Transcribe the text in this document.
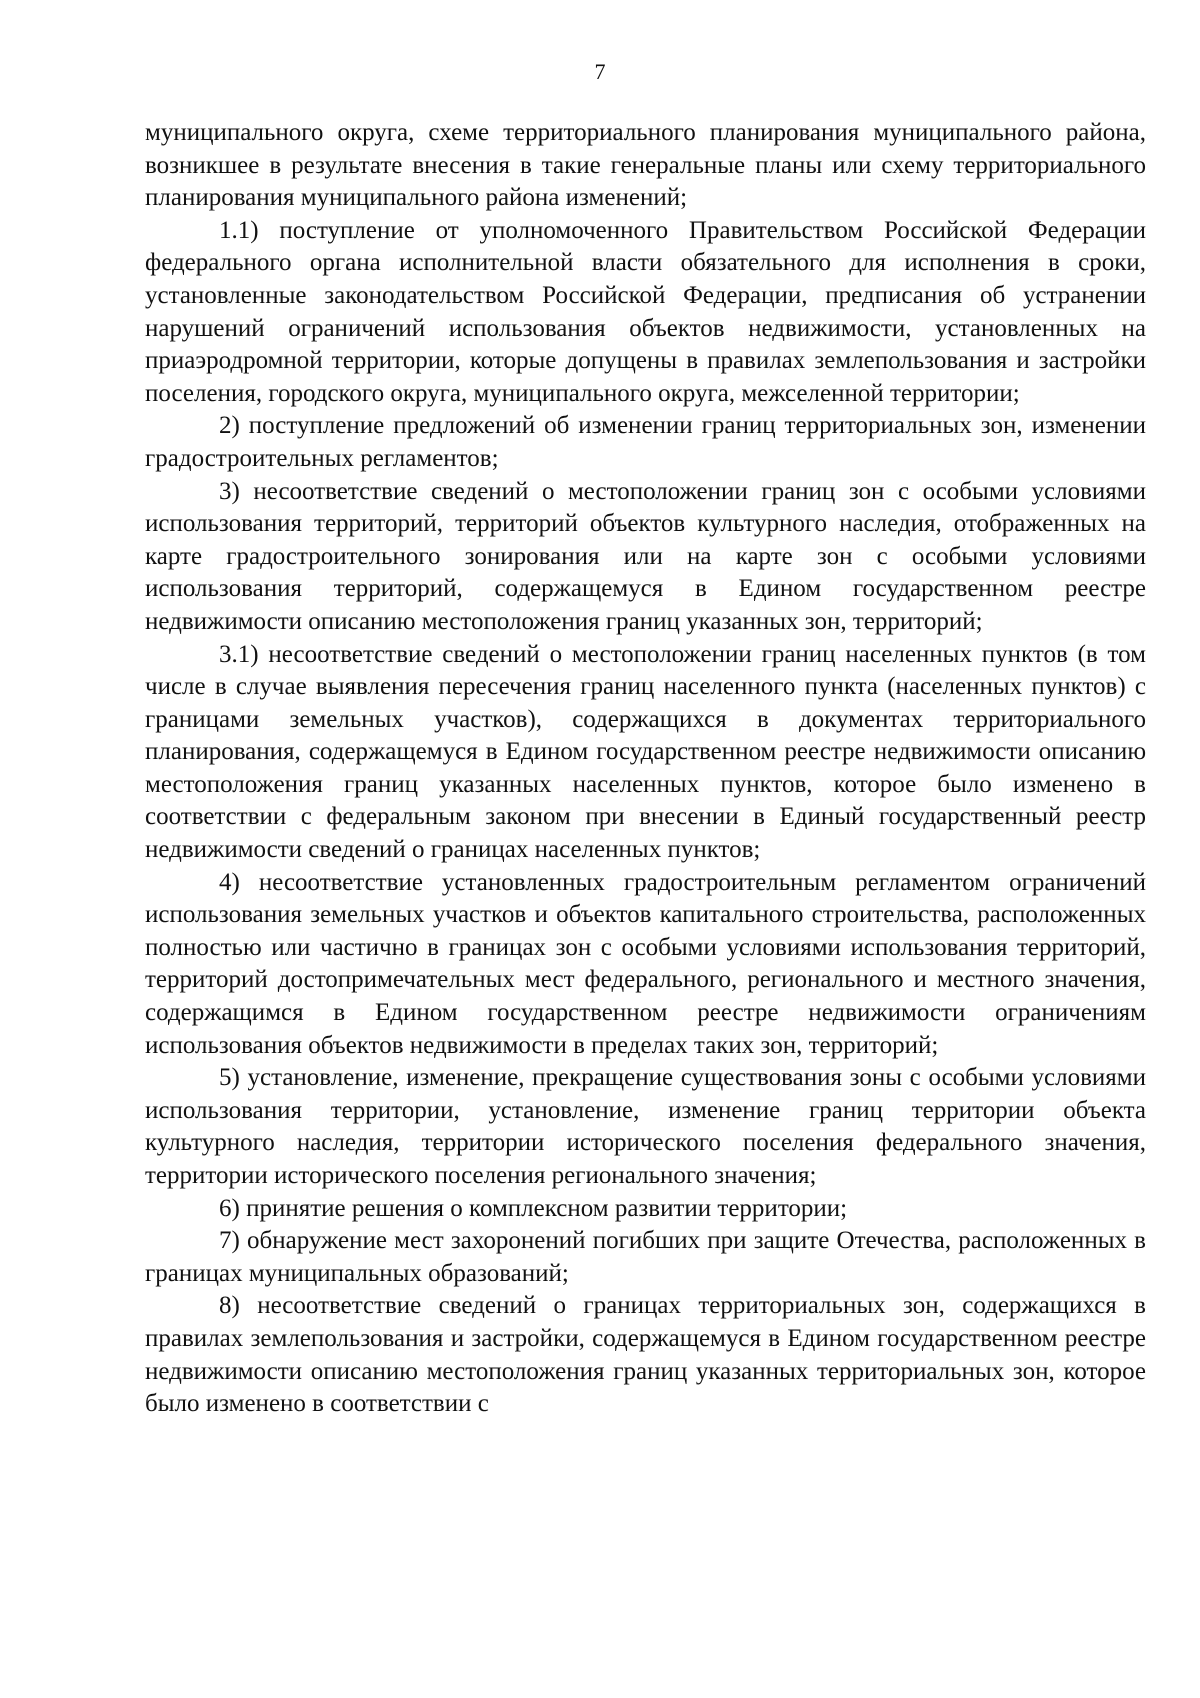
7

муниципального округа, схеме территориального планирования муниципального района, возникшее в результате внесения в такие генеральные планы или схему территориального планирования муниципального района изменений;

1.1) поступление от уполномоченного Правительством Российской Федерации федерального органа исполнительной власти обязательного для исполнения в сроки, установленные законодательством Российской Федерации, предписания об устранении нарушений ограничений использования объектов недвижимости, установленных на приаэродромной территории, которые допущены в правилах землепользования и застройки поселения, городского округа, муниципального округа, межселенной территории;

2) поступление предложений об изменении границ территориальных зон, изменении градостроительных регламентов;

3) несоответствие сведений о местоположении границ зон с особыми условиями использования территорий, территорий объектов культурного наследия, отображенных на карте градостроительного зонирования или на карте зон с особыми условиями использования территорий, содержащемуся в Едином государственном реестре недвижимости описанию местоположения границ указанных зон, территорий;

3.1) несоответствие сведений о местоположении границ населенных пунктов (в том числе в случае выявления пересечения границ населенного пункта (населенных пунктов) с границами земельных участков), содержащихся в документах территориального планирования, содержащемуся в Едином государственном реестре недвижимости описанию местоположения границ указанных населенных пунктов, которое было изменено в соответствии с федеральным законом при внесении в Единый государственный реестр недвижимости сведений о границах населенных пунктов;

4) несоответствие установленных градостроительным регламентом ограничений использования земельных участков и объектов капитального строительства, расположенных полностью или частично в границах зон с особыми условиями использования территорий, территорий достопримечательных мест федерального, регионального и местного значения, содержащимся в Едином государственном реестре недвижимости ограничениям использования объектов недвижимости в пределах таких зон, территорий;

5) установление, изменение, прекращение существования зоны с особыми условиями использования территории, установление, изменение границ территории объекта культурного наследия, территории исторического поселения федерального значения, территории исторического поселения регионального значения;

6) принятие решения о комплексном развитии территории;

7) обнаружение мест захоронений погибших при защите Отечества, расположенных в границах муниципальных образований;

8) несоответствие сведений о границах территориальных зон, содержащихся в правилах землепользования и застройки, содержащемуся в Едином государственном реестре недвижимости описанию местоположения границ указанных территориальных зон, которое было изменено в соответствии с
